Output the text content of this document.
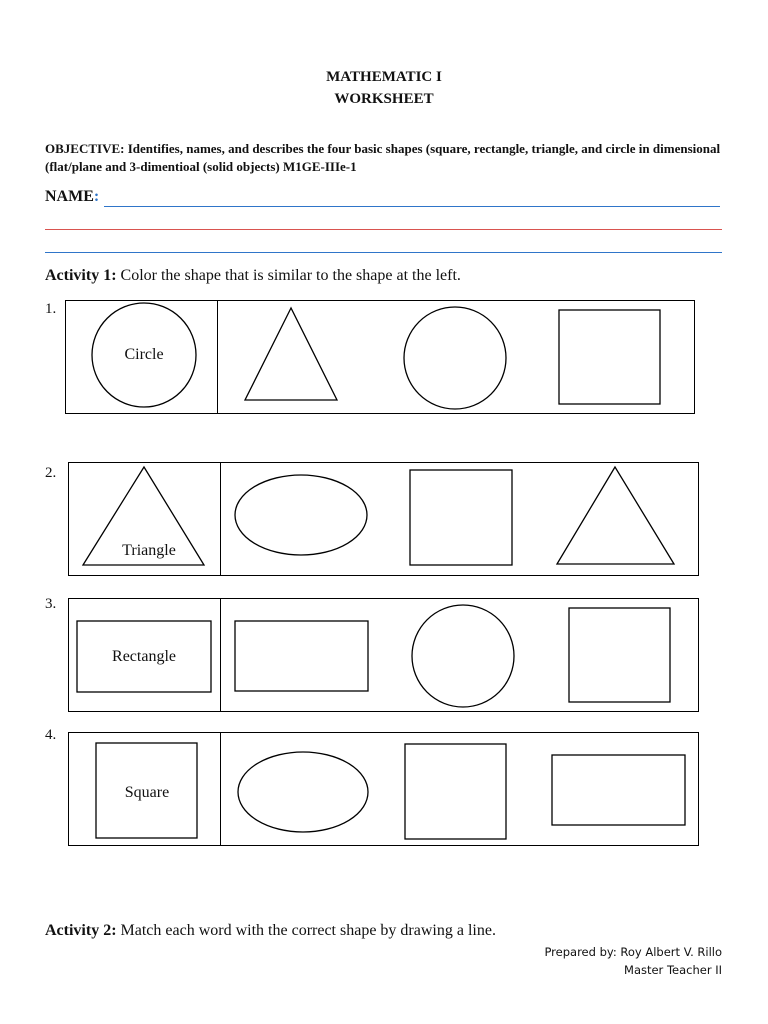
MATHEMATIC I
WORKSHEET
OBJECTIVE: Identifies, names, and describes the four basic shapes (square, rectangle, triangle, and circle in dimensional (flat/plane and 3-dimentioal (solid objects) M1GE-IIIe-1
NAME:
Activity 1: Color the shape that is similar to the shape at the left.
1.
Circle
2.
Triangle
3.
Rectangle
4.
Square
Activity 2: Match each word with the correct shape by drawing a line.
Prepared by: Roy Albert V. Rillo
Master Teacher II
